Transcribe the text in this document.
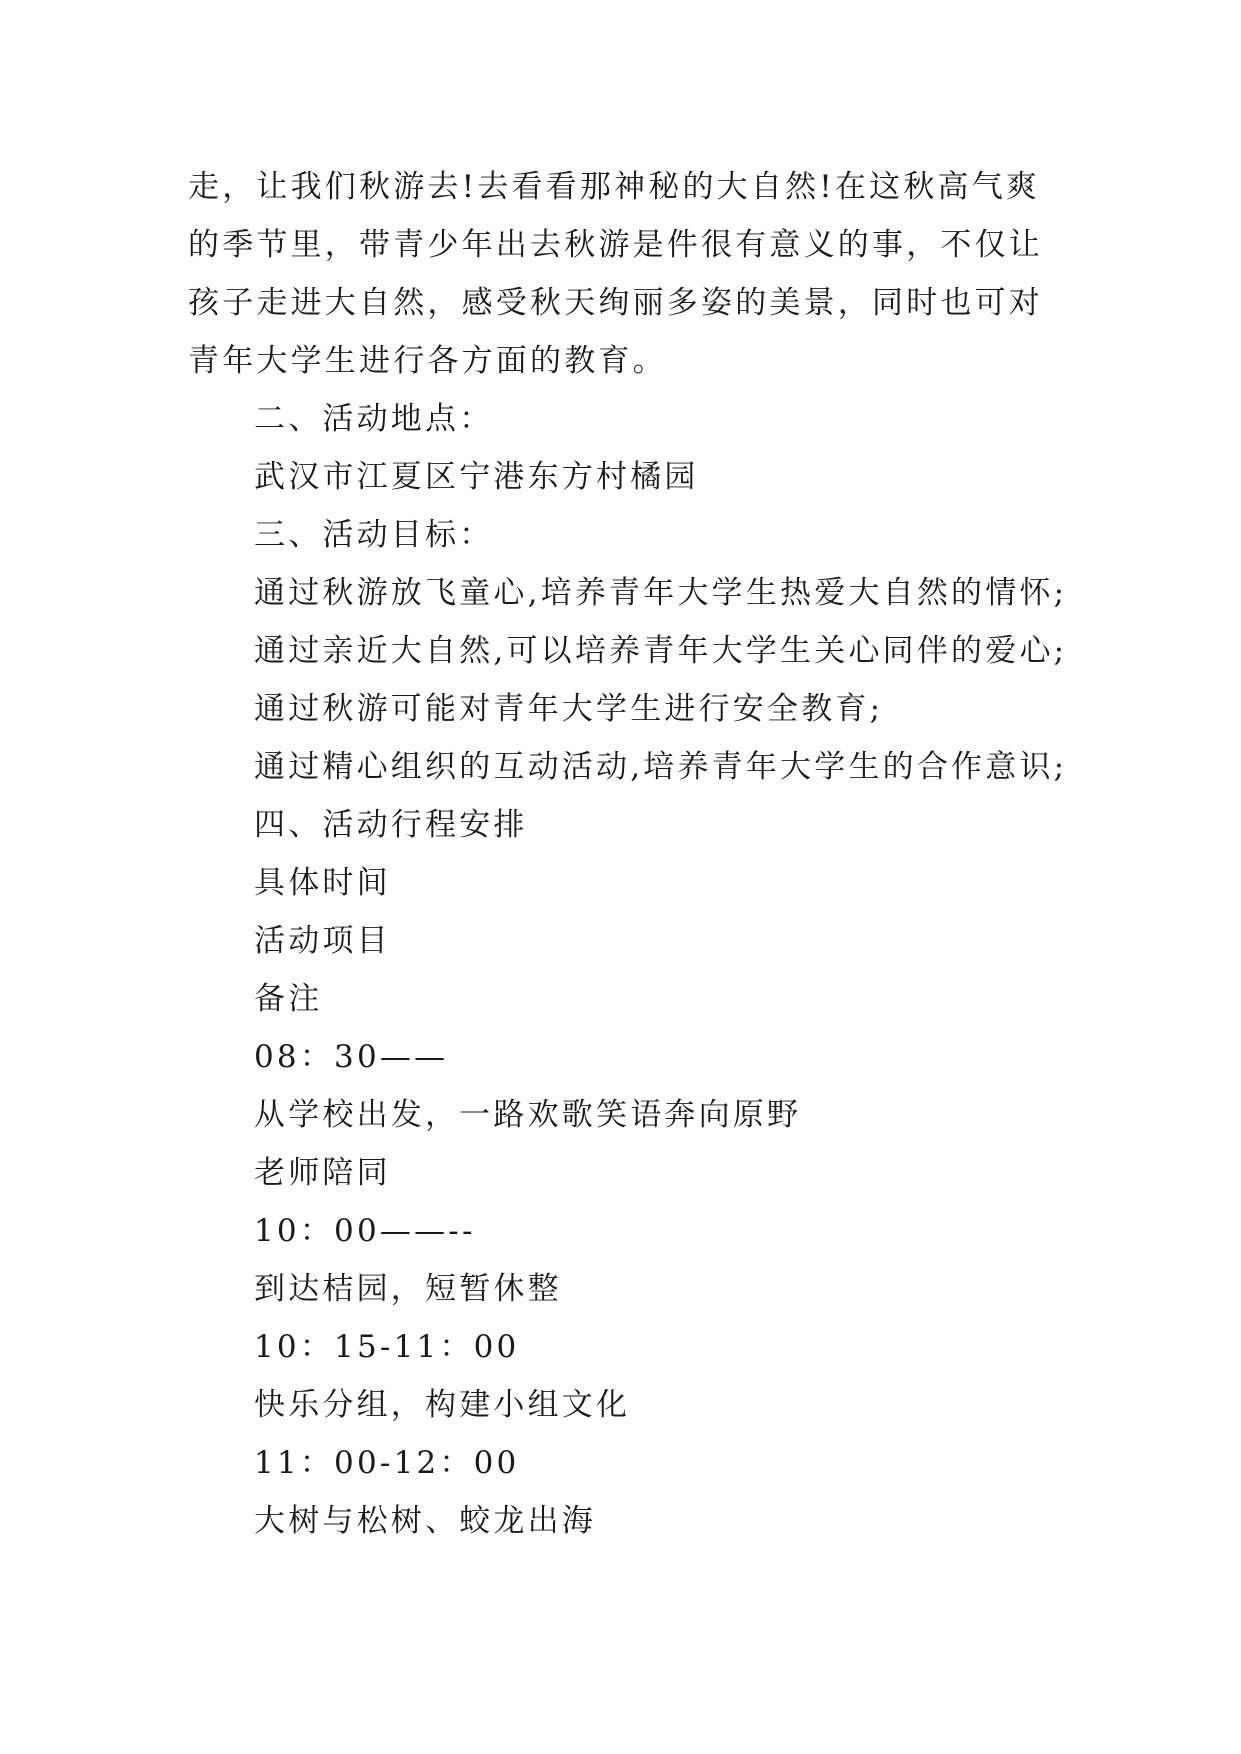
走，让我们秋游去!去看看那神秘的大自然!在这秋高气爽的季节里，带青少年出去秋游是件很有意义的事，不仅让孩子走进大自然，感受秋天绚丽多姿的美景，同时也可对青年大学生进行各方面的教育。

二、活动地点：

武汉市江夏区宁港东方村橘园

三、活动目标：

通过秋游放飞童心,培养青年大学生热爱大自然的情怀;

通过亲近大自然,可以培养青年大学生关心同伴的爱心;

通过秋游可能对青年大学生进行安全教育;

通过精心组织的互动活动,培养青年大学生的合作意识;

四、活动行程安排

具体时间

活动项目

备注

08：30——

从学校出发，一路欢歌笑语奔向原野

老师陪同

10：00——--

到达桔园，短暂休整

10：15-11：00

快乐分组，构建小组文化

11：00-12：00

大树与松树、蛟龙出海
